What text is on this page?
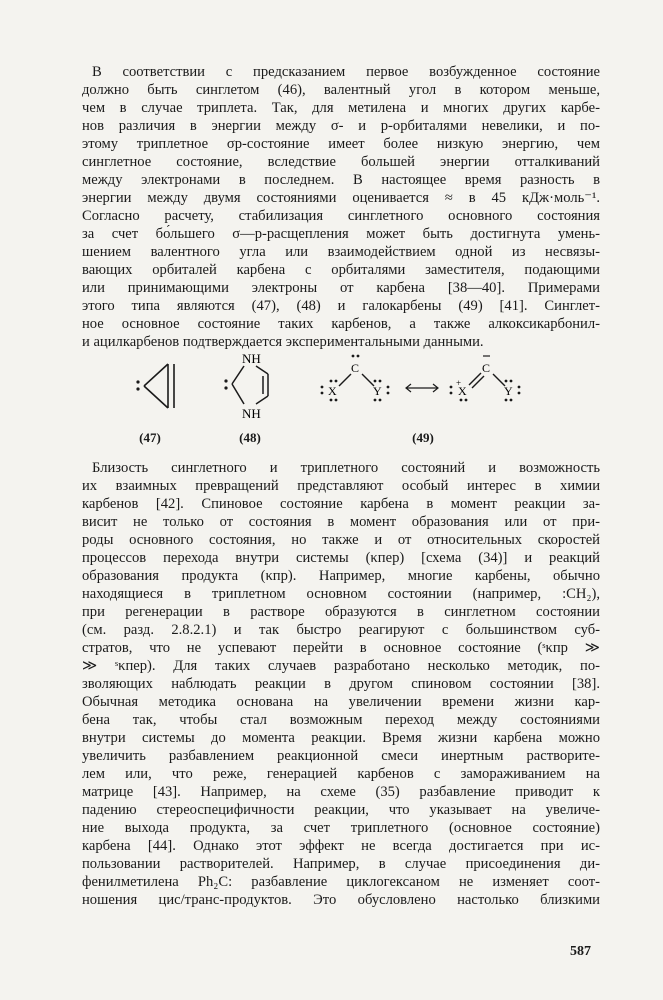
В соответствии с предсказанием первое возбужденное состояние
должно быть синглетом (46), валентный угол в котором меньше,
чем в случае триплета. Так, для метилена и многих других карбе-
нов различия в энергии между σ- и p-орбиталями невелики, и по-
этому триплетное σp-состояние имеет более низкую энергию, чем
синглетное состояние, вследствие большей энергии отталкиваний
между электронами в последнем. В настоящее время разность в
энергии между двумя состояниями оценивается ≈ в 45 кДж·моль⁻¹.
Согласно расчету, стабилизация синглетного основного состояния
за счет бо́льшего σ—p-расщепления может быть достигнута умень-
шением валентного угла или взаимодействием одной из несвязы-
вающих орбиталей карбена с орбиталями заместителя, подающими
или принимающими электроны от карбена [38—40]. Примерами
этого типа являются (47), (48) и галокарбены (49) [41]. Синглет-
ное основное состояние таких карбенов, а также алкоксикарбонил-
и ацилкарбенов подтверждается экспериментальными данными.
NH
NH
X
C
Y
+
X
C
Y
(47)	(48)	(49)
Близость синглетного и триплетного состояний и возможность
их взаимных превращений представляют особый интерес в химии
карбенов [42]. Спиновое состояние карбена в момент реакции за-
висит не только от состояния в момент образования или от при-
роды основного состояния, но также и от относительных скоростей
процессов перехода внутри системы (κпер) [схема (34)] и реакций
образования продукта (κпр). Например, многие карбены, обычно
находящиеся в триплетном основном состоянии (например, :CH₂),
при регенерации в растворе образуются в синглетном состоянии
(см. разд. 2.8.2.1) и так быстро реагируют с большинством суб-
стратов, что не успевают перейти в основное состояние (ˢκпр ≫
≫ ˢκпер). Для таких случаев разработано несколько методик, по-
зволяющих наблюдать реакции в другом спиновом состоянии [38].
Обычная методика основана на увеличении времени жизни кар-
бена так, чтобы стал возможным переход между состояниями
внутри системы до момента реакции. Время жизни карбена можно
увеличить разбавлением реакционной смеси инертным растворите-
лем или, что реже, генерацией карбенов с замораживанием на
матрице [43]. Например, на схеме (35) разбавление приводит к
падению стереоспецифичности реакции, что указывает на увеличе-
ние выхода продукта, за счет триплетного (основное состояние)
карбена [44]. Однако этот эффект не всегда достигается при ис-
пользовании растворителей. Например, в случае присоединения ди-
фенилметилена Ph₂C: разбавление циклогексаном не изменяет соот-
ношения цис/транс-продуктов. Это обусловлено настолько близкими
587
